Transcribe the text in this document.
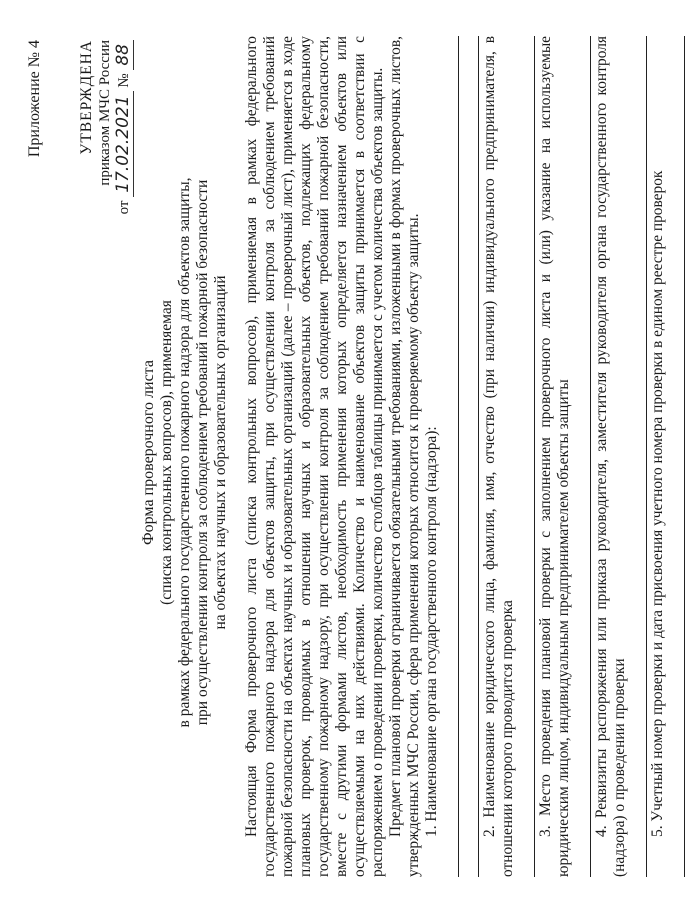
Приложение № 4 УТВЕРЖДЕНА приказом МЧС России
от 17.02.2021 № 88
Форма проверочного листа (списка контрольных вопросов), применяемая в рамках федерального государственного пожарного надзора для объектов защиты, при осуществлении контроля за соблюдением требований пожарной безопасности на объектах научных и образовательных организаций Настоящая Форма проверочного листа (списка контрольных вопросов), применяемая в рамках федерального государственного пожарного надзора для объектов защиты, при осуществлении контроля за соблюдением требований пожарной безопасности на объектах научных и образовательных организаций (далее – проверочный лист), применяется в ходе плановых проверок, проводимых в отношении научных и образовательных объектов, подлежащих федеральному государственному пожарному надзору, при осуществлении контроля за соблюдением требований пожарной безопасности, вместе с другими формами листов, необходимость применения которых определяется назначением объектов или осуществляемыми на них действиями. Количество и наименование объектов защиты принимается в соответствии с распоряжением о проведении проверки, количество столбцов таблицы принимается с учетом количества объектов защиты. Предмет плановой проверки ограничивается обязательными требованиями, изложенными в формах проверочных листов, утвержденных МЧС России, сфера применения которых относится к проверяемому объекту защиты. 1. Наименование органа государственного контроля (надзора):	2. Наименование юридического лица, фамилия, имя, отчество (при наличии) индивидуального предпринимателя, в отношении которого проводится проверка 3. Место проведения плановой проверки с заполнением проверочного листа и (или) указание на используемые юридическим лицом, индивидуальным предпринимателем объекты защиты 4. Реквизиты распоряжения или приказа руководителя, заместителя руководителя органа государственного контроля (надзора) о проведении проверки 5. Учетный номер проверки и дата присвоения учетного номера проверки в едином реестре проверок
